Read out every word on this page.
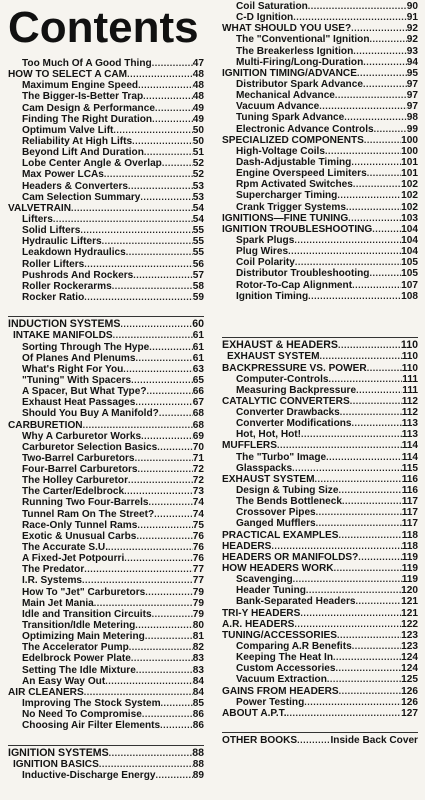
Contents
Too Much Of A Good Thing .....	47
HOW TO SELECT A CAM .....	48
Maximum Engine Speed .....	48
The Bigger-Is-Better Trap .....	48
Cam Design & Performance .....	49
Finding The Right Duration .....	49
Optimum Valve Lift .....	50
Reliability At High Lifts .....	50
Beyond Lift And Duration .....	51
Lobe Center Angle & Overlap .....	52
Max Power LCAs .....	52
Headers & Converters .....	53
Cam Selection Summary .....	53
VALVETRAIN .....	54
Lifters .....	54
Solid Lifters .....	55
Hydraulic Lifters .....	55
Leakdown Hydraulics .....	55
Roller Lifters .....	56
Pushrods And Rockers .....	57
Roller Rockerarms .....	58
Rocker Ratio .....	59
INDUCTION SYSTEMS .....	60
INTAKE MANIFOLDS .....	61
Sorting Through The Hype .....	61
Of Planes And Plenums .....	61
What's Right For You .....	63
"Tuning" With Spacers .....	65
A Spacer, But What Type? .....	66
Exhaust Heat Passages .....	67
Should You Buy A Manifold? .....	68
CARBURETION .....	68
Why A Carburetor Works .....	69
Carburetor Selection Basics .....	70
Two-Barrel Carburetors .....	71
Four-Barrel Carburetors .....	72
The Holley Carburetor .....	72
The Carter/Edelbrock .....	73
Running Two Four-Barrels .....	74
Tunnel Ram On The Street? .....	74
Race-Only Tunnel Rams .....	75
Exotic & Unusual Carbs .....	76
The Accurate S.U. .....	76
A Fixed-Jet Potpourri .....	76
The Predator .....	77
I.R. Systems .....	77
How To "Jet" Carburetors .....	79
Main Jet Mania .....	79
Idle and Transition Circuits .....	79
Transition/Idle Metering .....	80
Optimizing Main Metering .....	81
The Accelerator Pump .....	82
Edelbrock Power Plate .....	83
Setting The Idle Mixture .....	83
An Easy Way Out .....	84
AIR CLEANERS .....	84
Improving The Stock System .....	85
No Need To Compromise .....	86
Choosing Air Filter Elements .....	86
IGNITION SYSTEMS .....	88
IGNITION BASICS .....	88
Inductive-Discharge Energy .....	89
Coil Saturation .....	90
C-D Ignition .....	91
WHAT SHOULD YOU USE? .....	92
The "Conventional" Ignition .....	92
The Breakerless Ignition .....	93
Multi-Firing/Long-Duration .....	94
IGNITION TIMING/ADVANCE .....	95
Distributor Spark Advance .....	97
Mechanical Advance .....	97
Vacuum Advance .....	97
Tuning Spark Advance .....	98
Electronic Advance Controls .....	99
SPECIALIZED COMPONENTS .....	100
High-Voltage Coils .....	100
Dash-Adjustable Timing .....	101
Engine Overspeed Limiters .....	101
Rpm Activated Switches .....	102
Supercharger Timing .....	102
Crank Trigger Systems .....	102
IGNITIONS—FINE TUNING .....	103
IGNITION TROUBLESHOOTING .....	104
Spark Plugs .....	104
Plug Wires .....	104
Coil Polarity .....	105
Distributor Troubleshooting .....	105
Rotor-To-Cap Alignment .....	107
Ignition Timing .....	108
EXHAUST & HEADERS .....	110
EXHAUST SYSTEM .....	110
BACKPRESSURE VS. POWER .....	110
Computer-Controls .....	111
Measuring Backpressure .....	111
CATALYTIC CONVERTERS .....	112
Converter Drawbacks .....	112
Converter Modifications .....	113
Hot, Hot, Hot! .....	113
MUFFLERS .....	114
The "Turbo" Image .....	114
Glasspacks .....	115
EXHAUST SYSTEM .....	116
Design & Tubing Size .....	116
The Bends Bottleneck .....	117
Crossover Pipes .....	117
Ganged Mufflers .....	117
PRACTICAL EXAMPLES .....	118
HEADERS .....	118
HEADERS OR MANIFOLDS? .....	119
HOW HEADERS WORK .....	119
Scavenging .....	119
Header Tuning .....	120
Bank-Separated Headers .....	121
TRI-Y HEADERS .....	121
A.R. HEADERS .....	122
TUNING/ACCESSORIES .....	123
Comparing A.R Benefits .....	123
Keeping The Heat In .....	124
Custom Accessories .....	124
Vacuum Extraction .....	125
GAINS FROM HEADERS .....	126
Power Testing .....	126
ABOUT A.P.T. .....	127
OTHER BOOKS .....	Inside Back Cover
